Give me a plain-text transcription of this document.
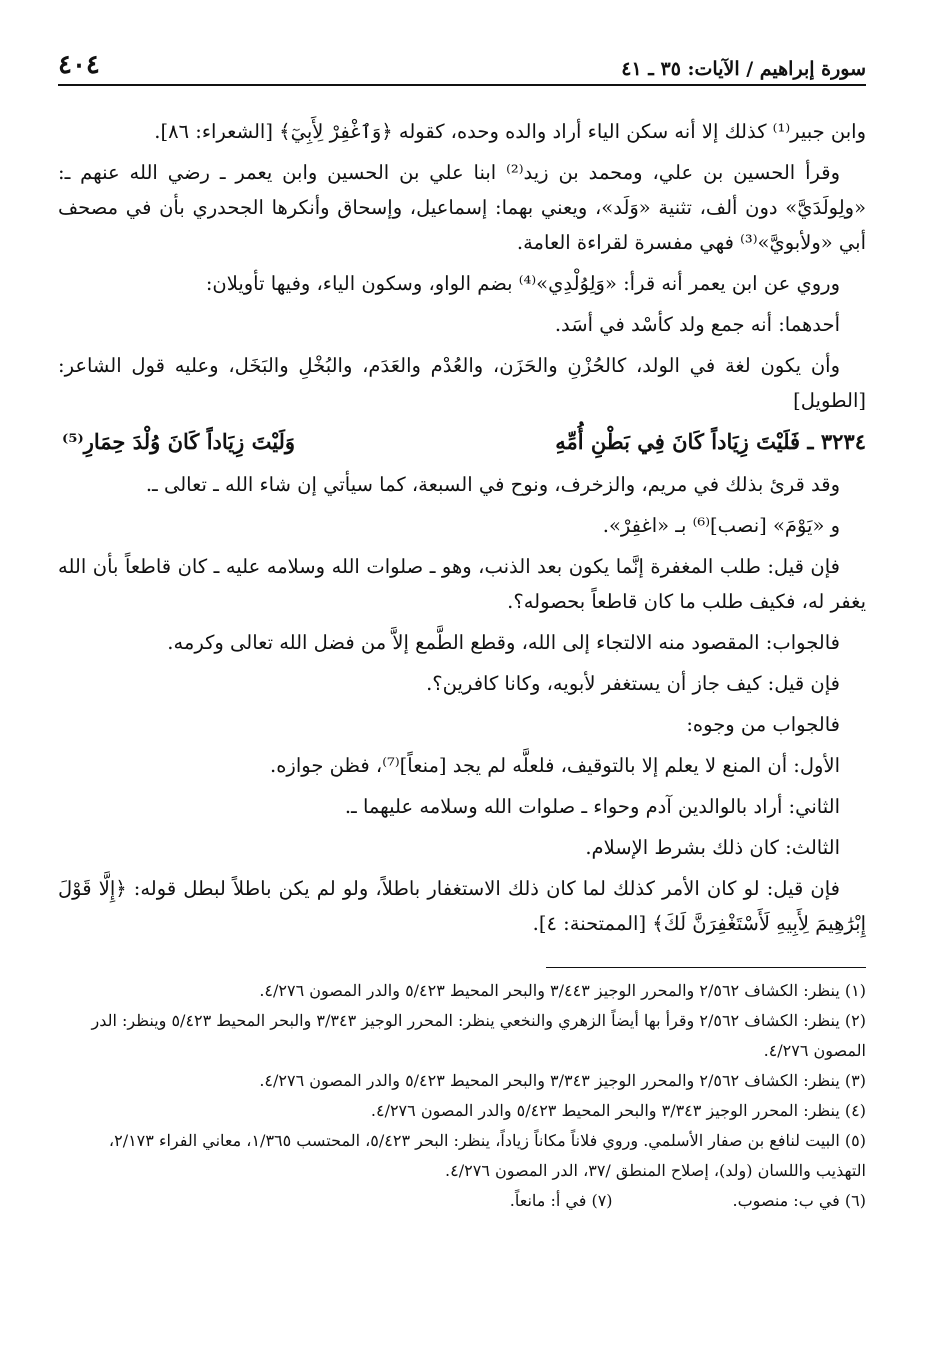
سورة إبراهيم / الآيات: ٣٥ ـ ٤١
٤٠٤

وابن جبير⁽¹⁾ كذلك إلا أنه سكن الياء أراد والده وحده، كقوله ﴿وَٱغْفِرْ لِأَبِيٓ﴾ [الشعراء: ٨٦].

وقرأ الحسين بن علي، ومحمد بن زيد⁽²⁾ ابنا علي بن الحسين وابن يعمر ـ رضي الله عنهم ـ: «ولِولَدَيَّ» دون ألف، تثنية «وَلَد»، ويعني بهما: إسماعيل، وإسحاق وأنكرها الجحدري بأن في مصحف أبي «ولأبويَّ»⁽³⁾ فهي مفسرة لقراءة العامة.

وروي عن ابن يعمر أنه قرأ: «وَلِوُلْدِي»⁽⁴⁾ بضم الواو، وسكون الياء، وفيها تأويلان:

أحدهما: أنه جمع ولد كأسْد في أسَد.

وأن يكون لغة في الولد، كالحُزْنِ والحَزَن، والعُدْم والعَدَم، والبُخْلِ والبَخَل، وعليه قول الشاعر: [الطويل]

٣٢٣٤ ـ فَلَيْتَ زِيَاداً كَانَ فِي بَطْنِ أُمِّهِ
وَلَيْتَ زِيَاداً كَانَ وُلْدَ حِمَارِ⁽⁵⁾

وقد قرئ بذلك في مريم، والزخرف، ونوح في السبعة، كما سيأتي إن شاء الله ـ تعالى ـ.

و «يَوْمَ» [نصب]⁽⁶⁾ بـ «اغفِرْ».

فإن قيل: طلب المغفرة إنَّما يكون بعد الذنب، وهو ـ صلوات الله وسلامه عليه ـ كان قاطعاً بأن الله يغفر له، فكيف طلب ما كان قاطعاً بحصوله؟.

فالجواب: المقصود منه الالتجاء إلى الله، وقطع الطَّمع إلاَّ من فضل الله تعالى وكرمه.

فإن قيل: كيف جاز أن يستغفر لأبويه، وكانا كافرين؟.

فالجواب من وجوه:

الأول: أن المنع لا يعلم إلا بالتوقيف، فلعلَّه لم يجد [منعاً]⁽⁷⁾، فظن جوازه.

الثاني: أراد بالوالدين آدم وحواء ـ صلوات الله وسلامه عليهما ـ.

الثالث: كان ذلك بشرط الإسلام.

فإن قيل: لو كان الأمر كذلك لما كان ذلك الاستغفار باطلاً، ولو لم يكن باطلاً لبطل قوله: ﴿إِلَّا قَوْلَ إِبْرَٰهِيمَ لِأَبِيهِ لَأَسْتَغْفِرَنَّ لَكَ﴾ [الممتحنة: ٤].

(١) ينظر: الكشاف ٢/٥٦٢ والمحرر الوجيز ٣/٤٤٣ والبحر المحيط ٥/٤٢٣ والدر المصون ٤/٢٧٦.

(٢) ينظر: الكشاف ٢/٥٦٢ وقرأ بها أيضاً الزهري والنخعي ينظر: المحرر الوجيز ٣/٣٤٣ والبحر المحيط ٥/٤٢٣ وينظر: الدر المصون ٤/٢٧٦.

(٣) ينظر: الكشاف ٢/٥٦٢ والمحرر الوجيز ٣/٣٤٣ والبحر المحيط ٥/٤٢٣ والدر المصون ٤/٢٧٦.

(٤) ينظر: المحرر الوجيز ٣/٣٤٣ والبحر المحيط ٥/٤٢٣ والدر المصون ٤/٢٧٦.

(٥) البيت لنافع بن صفار الأسلمي. وروي فلاناً مكاناً زياداً، ينظر: البحر ٥/٤٢٣، المحتسب ١/٣٦٥، معاني الفراء ٢/١٧٣، التهذيب واللسان (ولد)، إصلاح المنطق /٣٧، الدر المصون ٤/٢٧٦.

(٦) في ب: منصوب.
(٧) في أ: مانعاً.
